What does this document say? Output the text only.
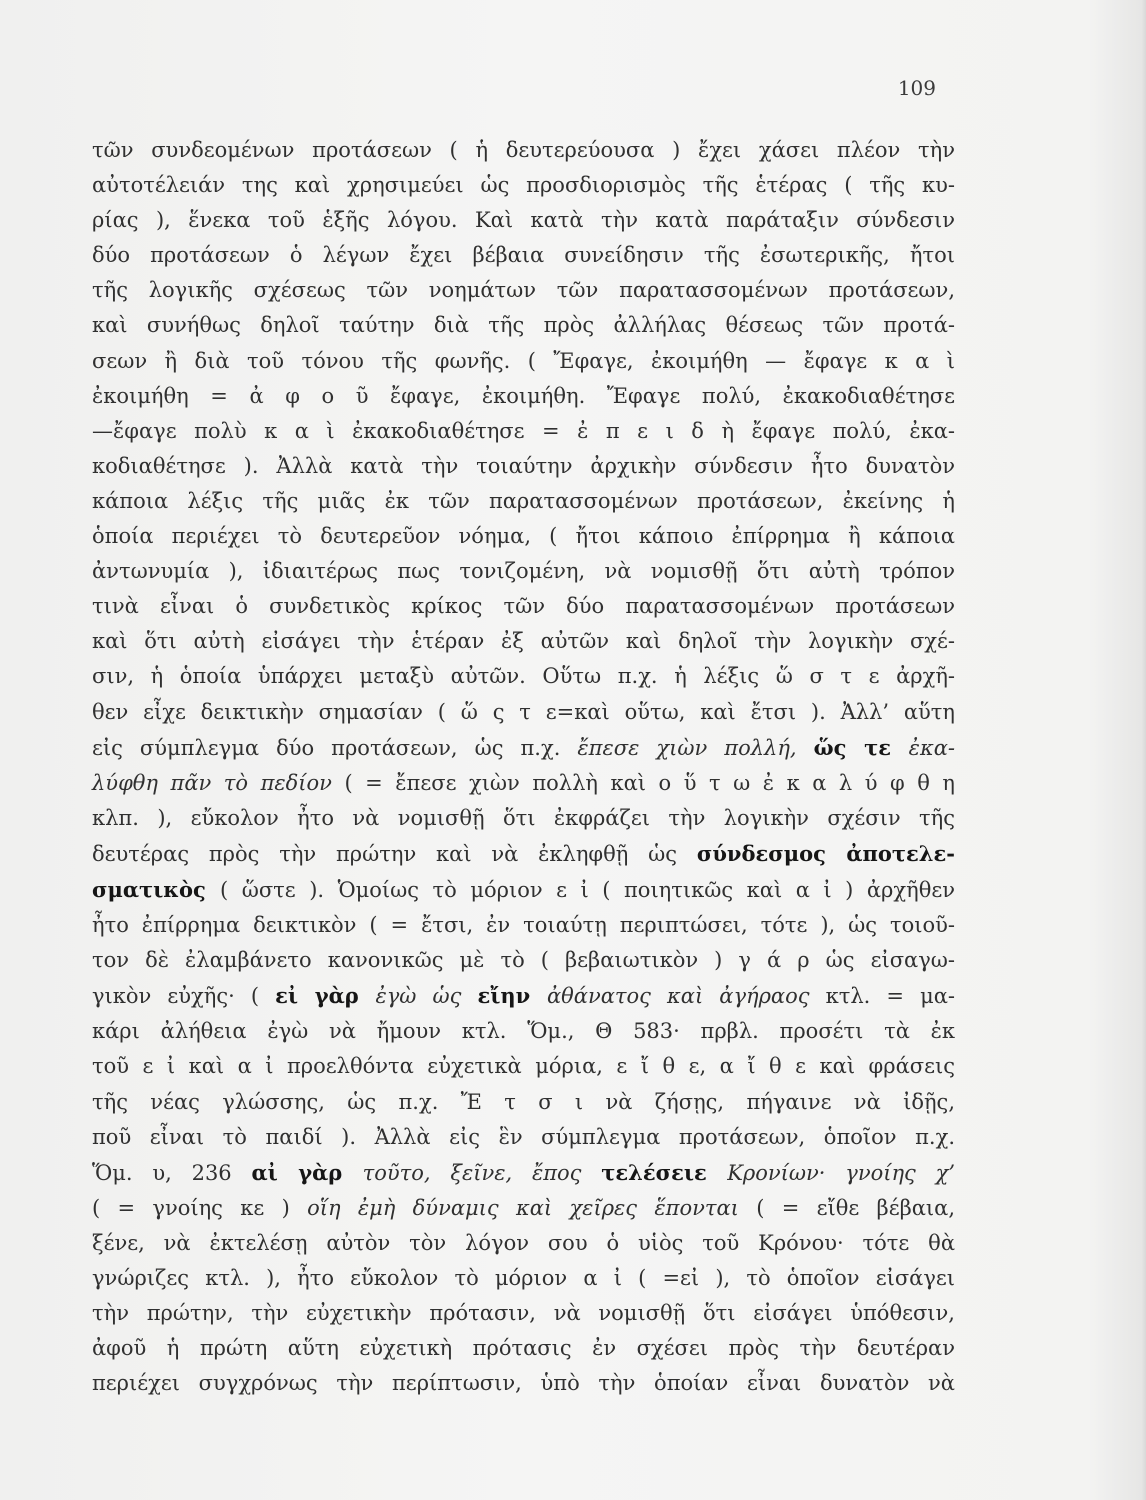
109
τῶν συνδεομένων προτάσεων ( ἡ δευτερεύουσα ) ἔχει χάσει πλέον τὴν
αὐτοτέλειάν της καὶ χρησιμεύει ὡς προσδιορισμὸς τῆς ἑτέρας ( τῆς κυ-
ρίας ), ἕνεκα τοῦ ἑξῆς λόγου. Καὶ κατὰ τὴν κατὰ παράταξιν σύνδεσιν
δύο προτάσεων ὁ λέγων ἔχει βέβαια συνείδησιν τῆς ἐσωτερικῆς, ἤτοι
τῆς λογικῆς σχέσεως τῶν νοημάτων τῶν παρατασσομένων προτάσεων,
καὶ συνήθως δηλοῖ ταύτην διὰ τῆς πρὸς ἀλλήλας θέσεως τῶν προτά-
σεων ἢ διὰ τοῦ τόνου τῆς φωνῆς. ( Ἔφαγε, ἐκοιμήθη — ἔφαγε κ α ὶ
ἐκοιμήθη = ἀ φ ο ῦ ἔφαγε, ἐκοιμήθη. Ἔφαγε πολύ, ἐκακοδιαθέτησε
—ἔφαγε πολὺ κ α ὶ ἐκακοδιαθέτησε = ἐ π ε ι δ ὴ ἔφαγε πολύ, ἐκα-
κοδιαθέτησε ). Ἀλλὰ κατὰ τὴν τοιαύτην ἀρχικὴν σύνδεσιν ἦτο δυνατὸν
κάποια λέξις τῆς μιᾶς ἐκ τῶν παρατασσομένων προτάσεων, ἐκείνης ἡ
ὁποία περιέχει τὸ δευτερεῦον νόημα, ( ἤτοι κάποιο ἐπίρρημα ἢ κάποια
ἀντωνυμία ), ἰδιαιτέρως πως τονιζομένη, νὰ νομισθῇ ὅτι αὐτὴ τρόπον
τινὰ εἶναι ὁ συνδετικὸς κρίκος τῶν δύο παρατασσομένων προτάσεων
καὶ ὅτι αὐτὴ εἰσάγει τὴν ἑτέραν ἐξ αὐτῶν καὶ δηλοῖ τὴν λογικὴν σχέ-
σιν, ἡ ὁποία ὑπάρχει μεταξὺ αὐτῶν. Οὕτω π.χ. ἡ λέξις ὥ σ τ ε ἀρχῆ-
θεν εἶχε δεικτικὴν σημασίαν ( ὥ ς τ ε=καὶ οὕτω, καὶ ἔτσι ). Ἀλλ’ αὕτη
εἰς σύμπλεγμα δύο προτάσεων, ὡς π.χ. ἔπεσε χιὼν πολλή, ὥς τε ἐκα-
λύφθη πᾶν τὸ πεδίον ( = ἔπεσε χιὼν πολλὴ καὶ ο ὕ τ ω ἐ κ α λ ύ φ θ η
κλπ. ), εὔκολον ἦτο νὰ νομισθῇ ὅτι ἐκφράζει τὴν λογικὴν σχέσιν τῆς
δευτέρας πρὸς τὴν πρώτην καὶ νὰ ἐκληφθῇ ὡς σύνδεσμος ἀποτελε-
σματικὸς ( ὥστε ). Ὁμοίως τὸ μόριον ε ἰ ( ποιητικῶς καὶ α ἰ ) ἀρχῆθεν
ἦτο ἐπίρρημα δεικτικὸν ( = ἔτσι, ἐν τοιαύτῃ περιπτώσει, τότε ), ὡς τοιοῦ-
τον δὲ ἐλαμβάνετο κανονικῶς μὲ τὸ ( βεβαιωτικὸν ) γ ά ρ ὡς εἰσαγω-
γικὸν εὐχῆς· ( εἰ γὰρ ἐγὼ ὡς εἴην ἀθάνατος καὶ ἀγήραος κτλ. = μα-
κάρι ἀλήθεια ἐγὼ νὰ ἤμουν κτλ. Ὅμ., Θ 583· πρβλ. προσέτι τὰ ἐκ
τοῦ ε ἰ καὶ α ἰ προελθόντα εὐχετικὰ μόρια, ε ἴ θ ε, α ἴ θ ε καὶ φράσεις
τῆς νέας γλώσσης, ὡς π.χ. Ἔ τ σ ι νὰ ζήσῃς, πήγαινε νὰ ἰδῇς,
ποῦ εἶναι τὸ παιδί ). Ἀλλὰ εἰς ἓν σύμπλεγμα προτάσεων, ὁποῖον π.χ.
Ὅμ. υ, 236 αἰ γὰρ τοῦτο, ξεῖνε, ἔπος τελέσειε Κρονίων· γνοίης χ’
( = γνοίης κε ) οἵη ἐμὴ δύναμις καὶ χεῖρες ἕπονται ( = εἴθε βέβαια,
ξένε, νὰ ἐκτελέσῃ αὐτὸν τὸν λόγον σου ὁ υἱὸς τοῦ Κρόνου· τότε θὰ
γνώριζες κτλ. ), ἦτο εὔκολον τὸ μόριον α ἰ ( =εἰ ), τὸ ὁποῖον εἰσάγει
τὴν πρώτην, τὴν εὐχετικὴν πρότασιν, νὰ νομισθῇ ὅτι εἰσάγει ὑπόθεσιν,
ἀφοῦ ἡ πρώτη αὕτη εὐχετικὴ πρότασις ἐν σχέσει πρὸς τὴν δευτέραν
περιέχει συγχρόνως τὴν περίπτωσιν, ὑπὸ τὴν ὁποίαν εἶναι δυνατὸν νὰ
